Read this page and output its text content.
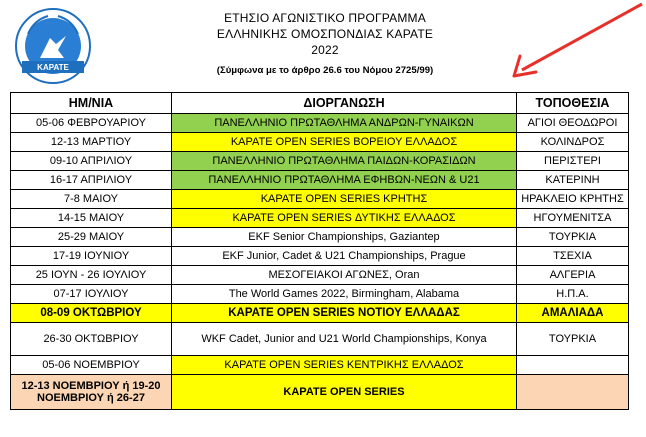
ΚΑΡΑΤΕ
ΕΤΗΣΙΟ ΑΓΩΝΙΣΤΙΚΟ ΠΡΟΓΡΑΜΜΑ
ΕΛΛΗΝΙΚΗΣ ΟΜΟΣΠΟΝΔΙΑΣ ΚΑΡΑΤΕ
2022
(Σύμφωνα με το άρθρο 26.6 του Νόμου 2725/99)
ΗΜ/ΝΙΑ	ΔΙΟΡΓΑΝΩΣΗ	ΤΟΠΟΘΕΣΙΑ
05-06 ΦΕΒΡΟΥΑΡΙΟΥ	ΠΑΝΕΛΛΗΝΙΟ ΠΡΩΤΑΘΛΗΜΑ ΑΝΔΡΩΝ-ΓΥΝΑΙΚΩΝ	ΑΓΙΟΙ ΘΕΟΔΩΡΟΙ
12-13 ΜΑΡΤΙΟΥ	ΚΑΡΑΤΕ OPEN SERIES ΒΟΡΕΙΟΥ ΕΛΛΑΔΟΣ	ΚΟΛΙΝΔΡΟΣ
09-10 ΑΠΡΙΛΙΟΥ	ΠΑΝΕΛΛΗΝΙΟ ΠΡΩΤΑΘΛΗΜΑ ΠΑΙΔΩΝ-ΚΟΡΑΣΙΔΩΝ	ΠΕΡΙΣΤΕΡΙ
16-17 ΑΠΡΙΛΙΟΥ	ΠΑΝΕΛΛΗΝΙΟ ΠΡΩΤΑΘΛΗΜΑ ΕΦΗΒΩΝ-ΝΕΩΝ & U21	ΚΑΤΕΡΙΝΗ
7-8 ΜΑΙΟΥ	ΚΑΡΑΤΕ OPEN SERIES ΚΡΗΤΗΣ	ΗΡΑΚΛΕΙΟ ΚΡΗΤΗΣ
14-15 ΜΑΙΟΥ	ΚΑΡΑΤΕ OPEN SERIES ΔΥΤΙΚΗΣ ΕΛΛΑΔΟΣ	ΗΓΟΥΜΕΝΙΤΣΑ
25-29 ΜΑΙΟΥ	EKF Senior Championships, Gaziantep	ΤΟΥΡΚΙΑ
17-19 ΙΟΥΝΙΟΥ	EKF Junior, Cadet & U21 Championships, Prague	ΤΣΕΧΙΑ
25 ΙΟΥΝ - 26 ΙΟΥΛΙΟΥ	ΜΕΣΟΓΕΙΑΚΟΙ ΑΓΩΝΕΣ, Oran	ΑΛΓΕΡΙΑ
07-17 ΙΟΥΛΙΟΥ	The World Games 2022, Birmingham, Alabama	Η.Π.Α.
08-09 ΟΚΤΩΒΡΙΟΥ	ΚΑΡΑΤΕ OPEN SERIES ΝΟΤΙΟΥ ΕΛΛΑΔΑΣ	ΑΜΑΛΙΑΔΑ
26-30 ΟΚΤΩΒΡΙΟΥ	WKF Cadet, Junior and U21 World Championships, Konya	ΤΟΥΡΚΙΑ
05-06 ΝΟΕΜΒΡΙΟΥ	ΚΑΡΑΤΕ OPEN SERIES ΚΕΝΤΡΙΚΗΣ ΕΛΛΑΔΟΣ	
12-13 ΝΟΕΜΒΡΙΟΥ ή 19-20 ΝΟΕΜΒΡΙΟΥ ή 26-27	ΚΑΡΑΤΕ OPEN SERIES	
